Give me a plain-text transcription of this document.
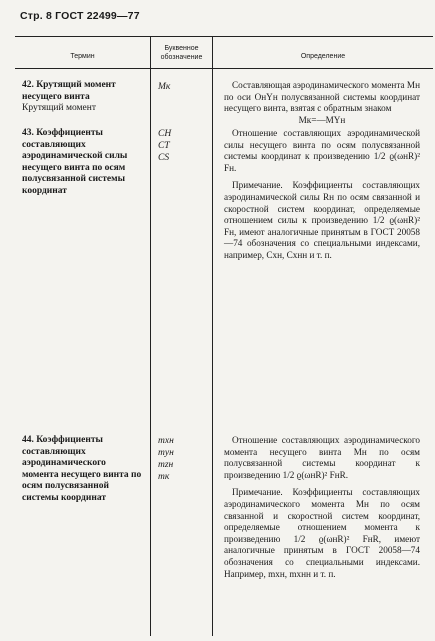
Стр. 8 ГОСТ 22499—77
Термин
Буквенное обозначение	Определение
42. Крутящий момент несущего винта
Крутящий момент
Mк	Составляющая аэродинамического момента Мн по оси ОнYн полусвязанной системы координат несущего винта, взятая с обратным знаком
Мк=—МYн
43. Коэффициенты составляющих аэродинамической силы несущего винта по осям полусвязанной системы координат
CН
CT
CS
Отношение составляющих аэродинамической силы несущего винта по осям полусвязанной системы координат к произведению 1/2 ϱ(ωнR)² Fн.
Примечание. Коэффициенты составляющих аэродинамической силы Rн по осям связанной и скоростной систем координат, определяемые отношением силы к произведению 1/2 ϱ(ωнR)² Fн, имеют аналогичные принятым в ГОСТ 20058—74 обозначения со специальными индексами, например, Cxн, Cxнн и т. п.
44. Коэффициенты составляющих аэродинамического момента несущего винта по осям полусвязанной системы координат
mxн
myн
mzн
mк
Отношение составляющих аэродинамического момента несущего винта Мн по осям полусвязанной системы координат к произведению 1/2 ϱ(ωнR)² FнR.
Примечание. Коэффициенты составляющих аэродинамического момента Мн по осям связанной и скоростной систем координат, определяемые отношением момента к произведению 1/2 ϱ(ωнR)² FнR, имеют аналогичные принятым в ГОСТ 20058—74 обозначения со специальными индексами. Например, mxн, mxнн и т. п.
